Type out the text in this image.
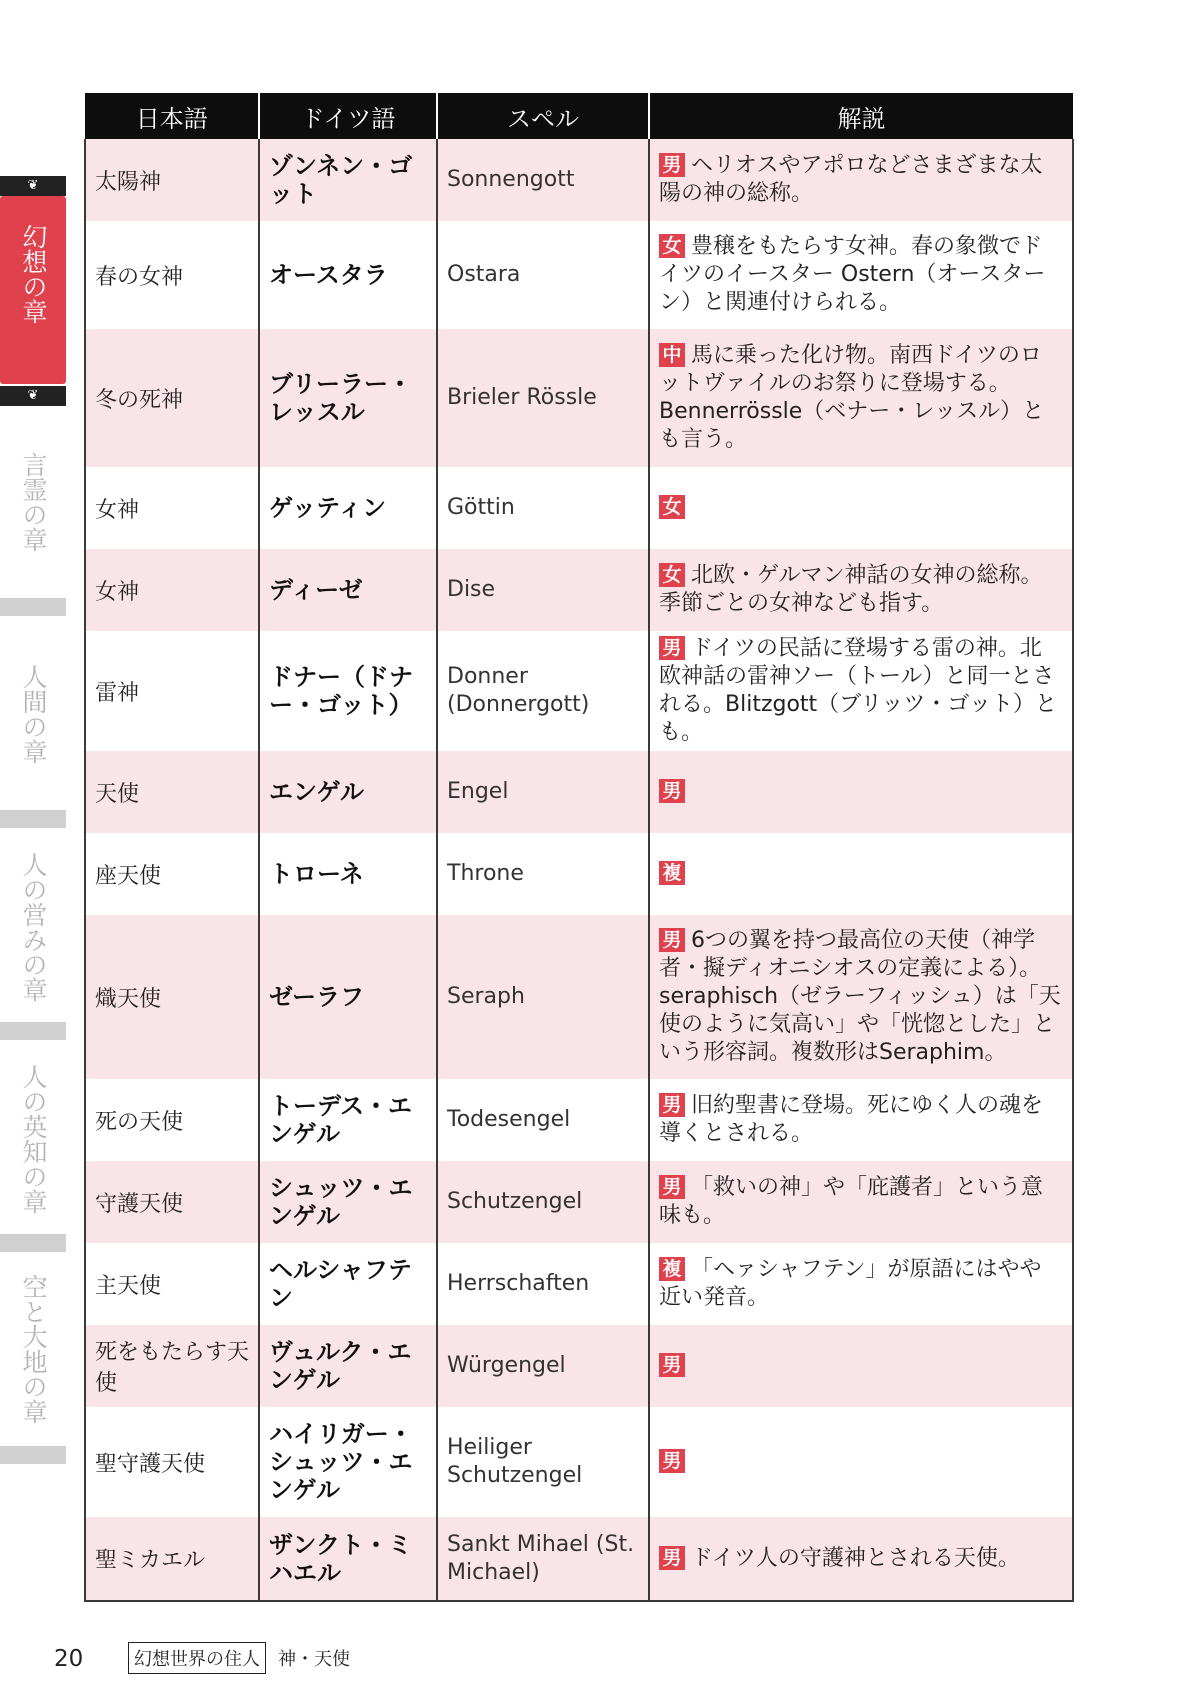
❦
幻想の章
❦
言霊の章
人間の章
人の営みの章
人の英知の章
空と大地の章
日本語	ドイツ語	スペル	解説
太陽神	ゾンネン・ゴット	Sonnengott	男 ヘリオスやアポロなどさまざまな太陽の神の総称。
春の女神	オースタラ	Ostara	女 豊穣をもたらす女神。春の象徴でドイツのイースター Ostern（オースターン）と関連付けられる。
冬の死神	ブリーラー・レッスル	Brieler Rössle	中 馬に乗った化け物。南西ドイツのロットヴァイルのお祭りに登場する。Bennerrössle（ベナー・レッスル）とも言う。
女神	ゲッティン	Göttin	女
女神	ディーゼ	Dise	女 北欧・ゲルマン神話の女神の総称。季節ごとの女神なども指す。
雷神	ドナー（ドナー・ゴット）	Donner (Donnergott)	男 ドイツの民話に登場する雷の神。北欧神話の雷神ソー（トール）と同一とされる。Blitzgott（ブリッツ・ゴット）とも。
天使	エンゲル	Engel	男
座天使	トローネ	Throne	複
熾天使	ゼーラフ	Seraph	男 6つの翼を持つ最高位の天使（神学者・擬ディオニシオスの定義による）。seraphisch（ゼラーフィッシュ）は「天使のように気高い」や「恍惚とした」という形容詞。複数形はSeraphim。
死の天使	トーデス・エンゲル	Todesengel	男 旧約聖書に登場。死にゆく人の魂を導くとされる。
守護天使	シュッツ・エンゲル	Schutzengel	男 「救いの神」や「庇護者」という意味も。
主天使	ヘルシャフテン	Herrschaften	複 「ヘァシャフテン」が原語にはやや近い発音。
死をもたらす天使	ヴュルク・エンゲル	Würgengel	男
聖守護天使	ハイリガー・シュッツ・エンゲル	Heiliger Schutzengel	男
聖ミカエル	ザンクト・ミハエル	Sankt Mihael (St. Michael)	男 ドイツ人の守護神とされる天使。
20	幻想世界の住人	神・天使
